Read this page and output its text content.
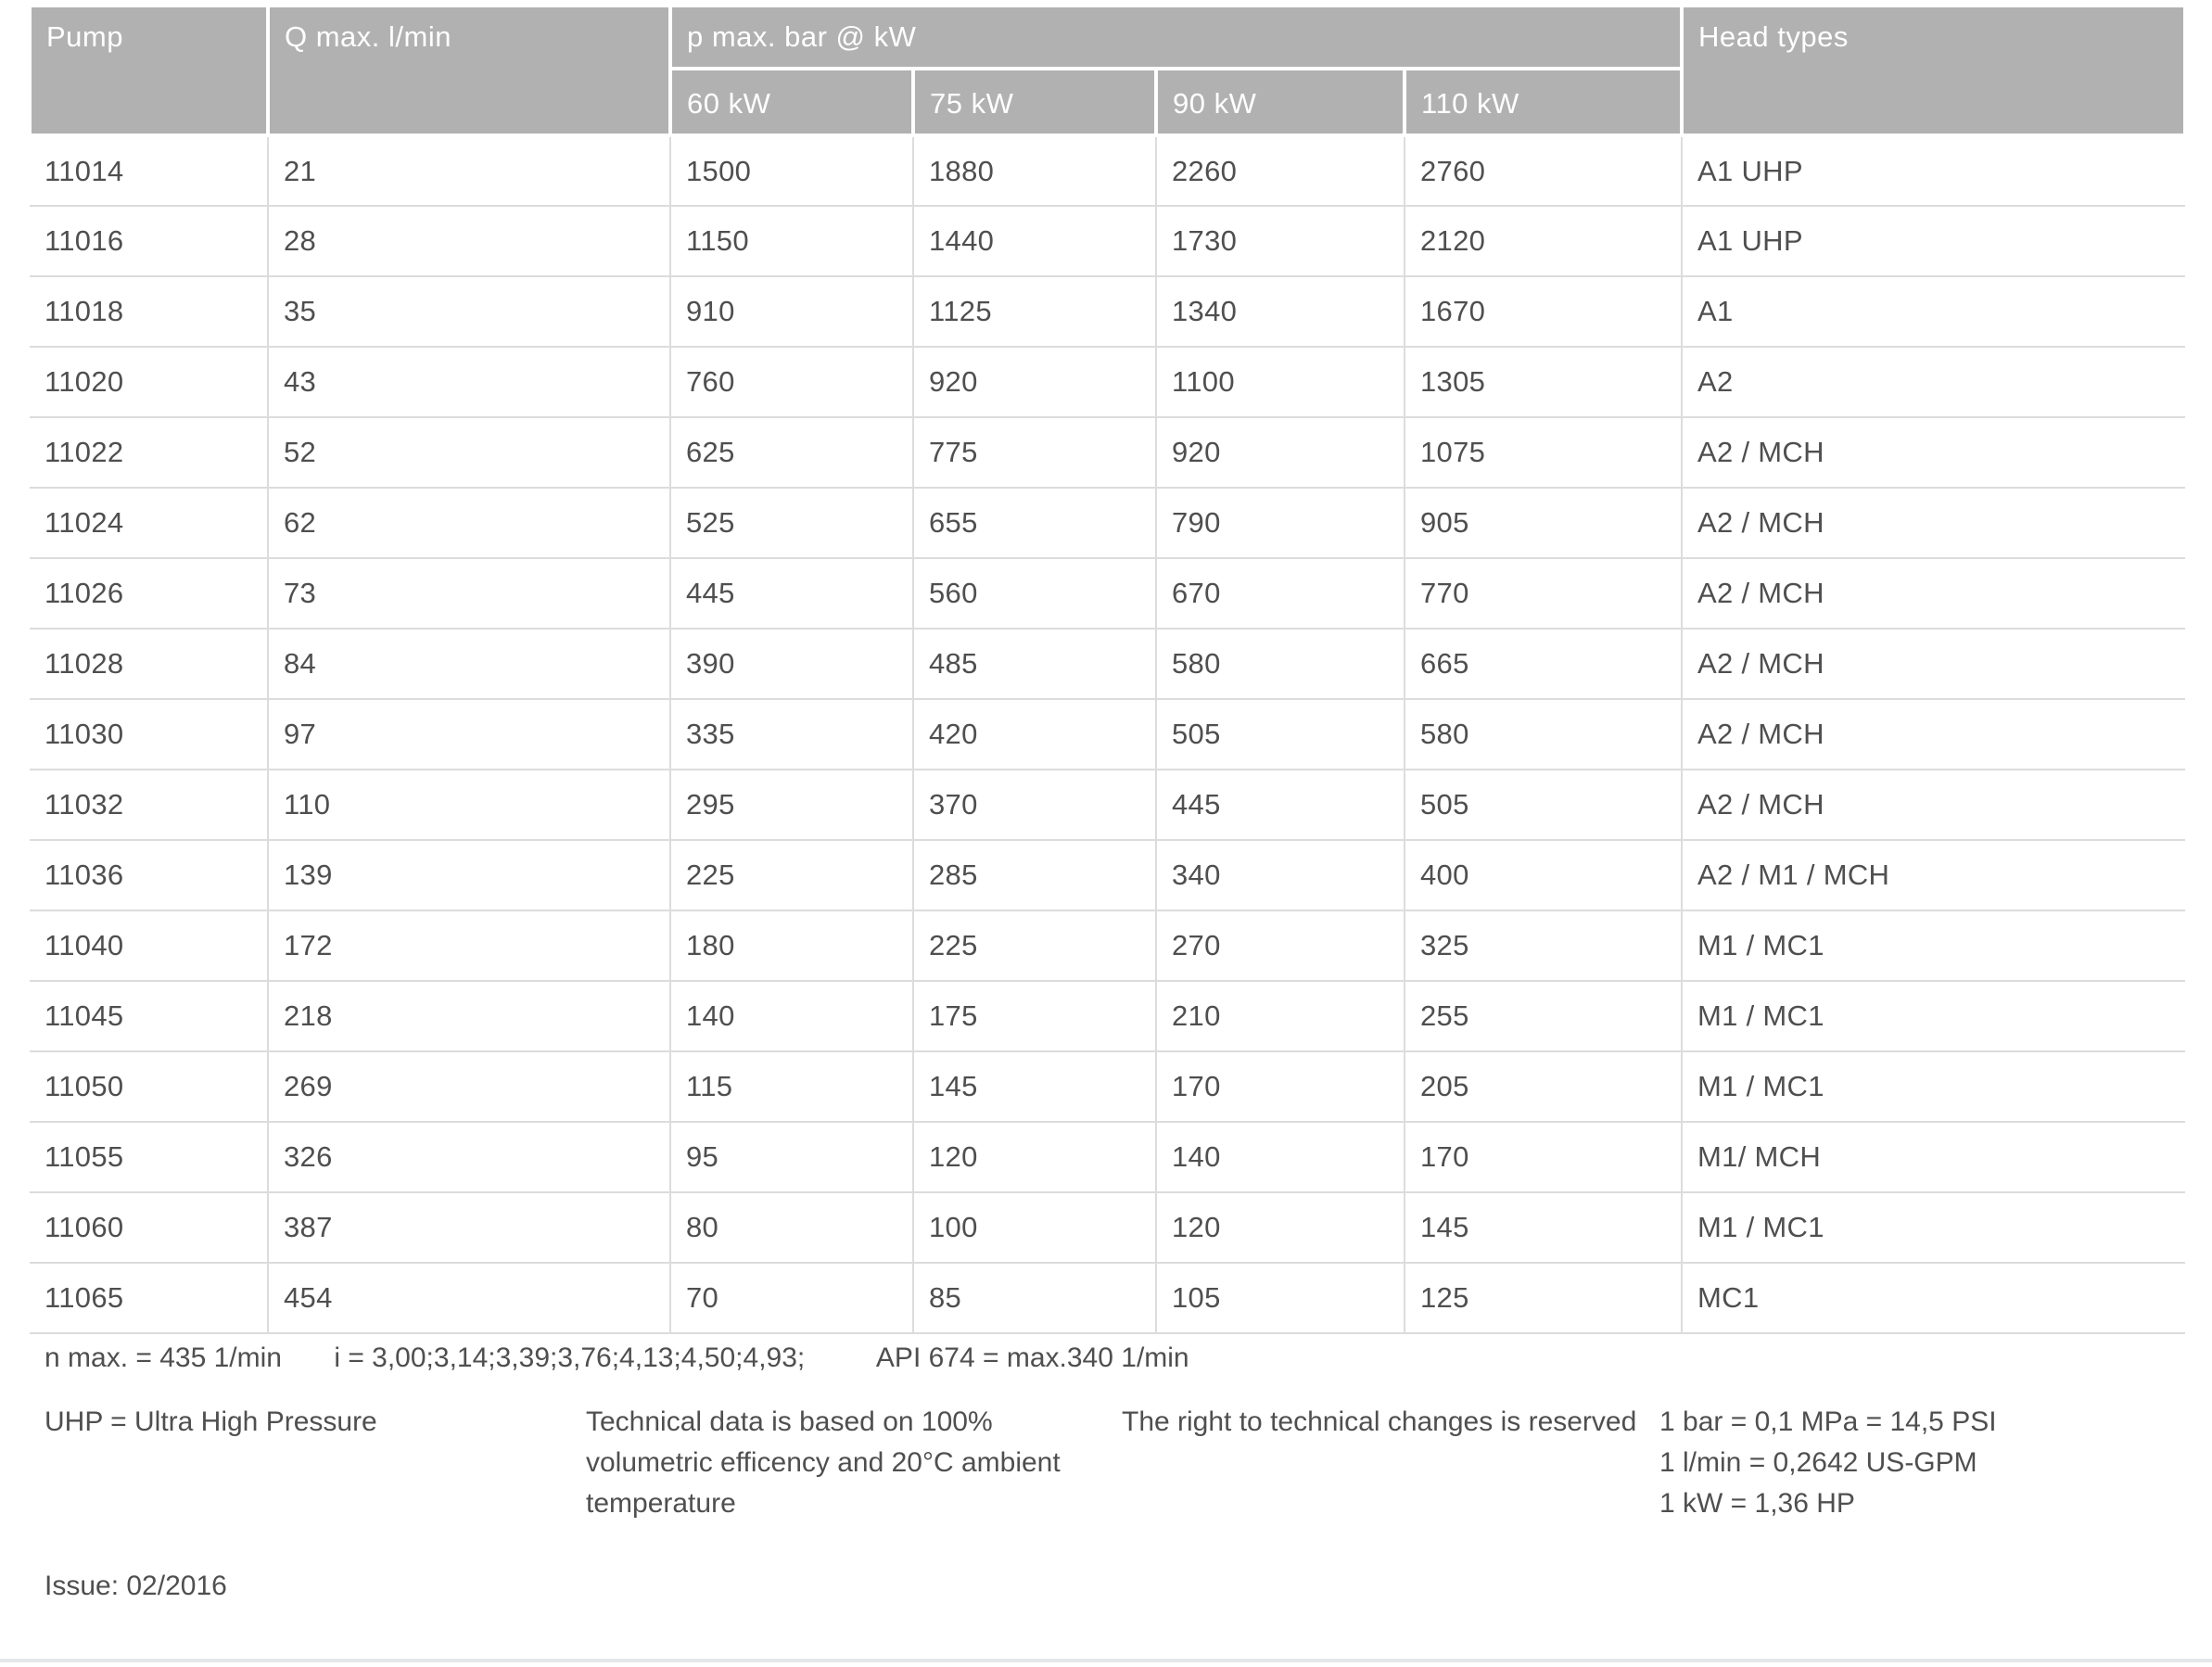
Pump	Q max. l/min	p max. bar @ kW				Head types
		60 kW	75 kW	90 kW	110 kW	
11014	21	1500	1880	2260	2760	A1 UHP
11016	28	1150	1440	1730	2120	A1 UHP
11018	35	910	1125	1340	1670	A1
11020	43	760	920	1100	1305	A2
11022	52	625	775	920	1075	A2 / MCH
11024	62	525	655	790	905	A2 / MCH
11026	73	445	560	670	770	A2 / MCH
11028	84	390	485	580	665	A2 / MCH
11030	97	335	420	505	580	A2 / MCH
11032	110	295	370	445	505	A2 / MCH
11036	139	225	285	340	400	A2 / M1 / MCH
11040	172	180	225	270	325	M1 / MC1
11045	218	140	175	210	255	M1 / MC1
11050	269	115	145	170	205	M1 / MC1
11055	326	95	120	140	170	M1/ MCH
11060	387	80	100	120	145	M1 / MC1
11065	454	70	85	105	125	MC1
n max. = 435 1/min i = 3,00;3,14;3,39;3,76;4,13;4,50;4,93;	API 674 = max.340 1/min
UHP = Ultra High Pressure	Technical data is based on 100% volumetric efficency and 20°C ambient temperature
The right to technical changes is reserved 1 bar = 0,1 MPa = 14,5 PSI
1 l/min = 0,2642 US-GPM
1 kW = 1,36 HP
Issue: 02/2016
